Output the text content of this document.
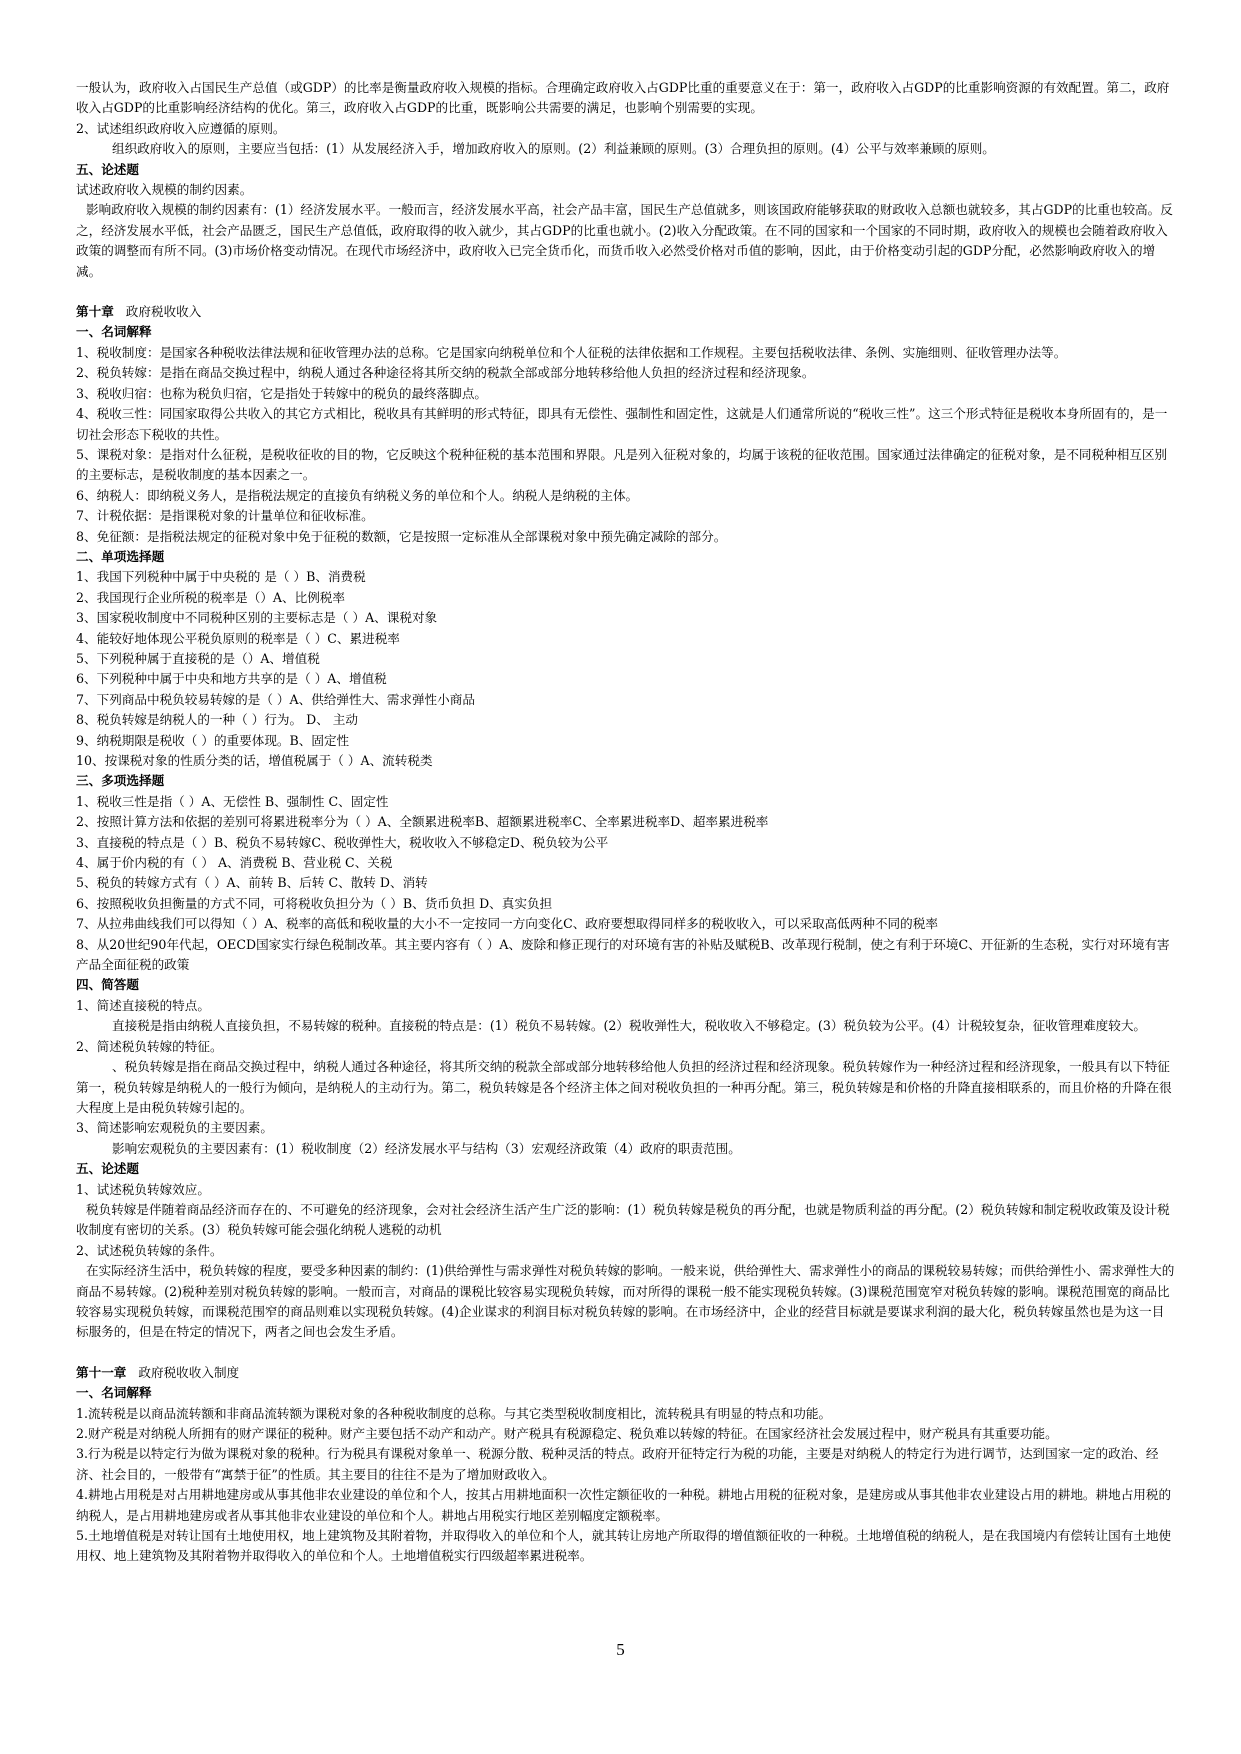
一般认为，政府收入占国民生产总值（或GDP）的比率是衡量政府收入规模的指标。合理确定政府收入占GDP比重的重要意义在于：第一，政府收入占GDP的比重影响资源的有效配置。第二，政府收入占GDP的比重影响经济结构的优化。第三，政府收入占GDP的比重，既影响公共需要的满足，也影响个别需要的实现。

2、试述组织政府收入应遵循的原则。

组织政府收入的原则，主要应当包括：(1）从发展经济入手，增加政府收入的原则。(2）利益兼顾的原则。(3）合理负担的原则。(4）公平与效率兼顾的原则。

五、论述题

试述政府收入规模的制约因素。

影响政府收入规模的制约因素有：(1）经济发展水平。一般而言，经济发展水平高，社会产品丰富，国民生产总值就多，则该国政府能够获取的财政收入总额也就较多，其占GDP的比重也较高。反之，经济发展水平低，社会产品匮乏，国民生产总值低，政府取得的收入就少，其占GDP的比重也就小。(2)收入分配政策。在不同的国家和一个国家的不同时期，政府收入的规模也会随着政府收入政策的调整而有所不同。(3)市场价格变动情况。在现代市场经济中，政府收入已完全货币化，而货币收入必然受价格对币值的影响，因此，由于价格变动引起的GDP分配，必然影响政府收入的增减。

第十章 政府税收收入

一、名词解释

1、税收制度：是国家各种税收法律法规和征收管理办法的总称。它是国家向纳税单位和个人征税的法律依据和工作规程。主要包括税收法律、条例、实施细则、征收管理办法等。

2、税负转嫁：是指在商品交换过程中，纳税人通过各种途径将其所交纳的税款全部或部分地转移给他人负担的经济过程和经济现象。

3、税收归宿：也称为税负归宿，它是指处于转嫁中的税负的最终落脚点。

4、税收三性：同国家取得公共收入的其它方式相比，税收具有其鲜明的形式特征，即具有无偿性、强制性和固定性，这就是人们通常所说的“税收三性”。这三个形式特征是税收本身所固有的，是一切社会形态下税收的共性。

5、课税对象：是指对什么征税，是税收征收的目的物，它反映这个税种征税的基本范围和界限。凡是列入征税对象的，均属于该税的征收范围。国家通过法律确定的征税对象，是不同税种相互区别的主要标志，是税收制度的基本因素之一。

6、纳税人：即纳税义务人，是指税法规定的直接负有纳税义务的单位和个人。纳税人是纳税的主体。

7、计税依据：是指课税对象的计量单位和征收标准。

8、免征额：是指税法规定的征税对象中免于征税的数额，它是按照一定标准从全部课税对象中预先确定减除的部分。

二、单项选择题

1、我国下列税种中属于中央税的 是（ ）B、消费税

2、我国现行企业所税的税率是（）A、比例税率

3、国家税收制度中不同税种区别的主要标志是（ ）A、课税对象

4、能较好地体现公平税负原则的税率是（ ）C、累进税率

5、下列税种属于直接税的是（）A、增值税

6、下列税种中属于中央和地方共享的是（ ）A、增值税

7、下列商品中税负较易转嫁的是（ ）A、供给弹性大、需求弹性小商品

8、税负转嫁是纳税人的一种（ ）行为。 D、 主动

9、纳税期限是税收（ ）的重要体现。B、固定性

10、按课税对象的性质分类的话，增值税属于（ ）A、流转税类

三、多项选择题

1、税收三性是指（ ）A、无偿性 B、强制性 C、固定性

2、按照计算方法和依据的差别可将累进税率分为（ ）A、全额累进税率B、超额累进税率C、全率累进税率D、超率累进税率

3、直接税的特点是（ ）B、税负不易转嫁C、税收弹性大，税收收入不够稳定D、税负较为公平

4、属于价内税的有（ ） A、消费税 B、营业税 C、关税

5、税负的转嫁方式有（ ）A、前转 B、后转 C、散转 D、消转

6、按照税收负担衡量的方式不同，可将税收负担分为（ ）B、货币负担 D、真实负担

7、从拉弗曲线我们可以得知（ ）A、税率的高低和税收量的大小不一定按同一方向变化C、政府要想取得同样多的税收收入，可以采取高低两种不同的税率

8、从20世纪90年代起，OECD国家实行绿色税制改革。其主要内容有（ ）A、废除和修正现行的对环境有害的补贴及赋税B、改革现行税制，使之有利于环境C、开征新的生态税，实行对环境有害产品全面征税的政策

四、简答题

1、简述直接税的特点。

直接税是指由纳税人直接负担，不易转嫁的税种。直接税的特点是：(1）税负不易转嫁。(2）税收弹性大，税收收入不够稳定。(3）税负较为公平。(4）计税较复杂，征收管理难度较大。

2、简述税负转嫁的特征。

、税负转嫁是指在商品交换过程中，纳税人通过各种途径，将其所交纳的税款全部或部分地转移给他人负担的经济过程和经济现象。税负转嫁作为一种经济过程和经济现象，一般具有以下特征 第一，税负转嫁是纳税人的一般行为倾向，是纳税人的主动行为。第二，税负转嫁是各个经济主体之间对税收负担的一种再分配。第三，税负转嫁是和价格的升降直接相联系的，而且价格的升降在很大程度上是由税负转嫁引起的。

3、简述影响宏观税负的主要因素。

影响宏观税负的主要因素有：(1）税收制度（2）经济发展水平与结构（3）宏观经济政策（4）政府的职责范围。

五、论述题

1、试述税负转嫁效应。

税负转嫁是伴随着商品经济而存在的、不可避免的经济现象，会对社会经济生活产生广泛的影响：(1）税负转嫁是税负的再分配，也就是物质利益的再分配。(2）税负转嫁和制定税收政策及设计税收制度有密切的关系。(3）税负转嫁可能会强化纳税人逃税的动机

2、试述税负转嫁的条件。

在实际经济生活中，税负转嫁的程度，要受多种因素的制约：(1)供给弹性与需求弹性对税负转嫁的影响。一般来说，供给弹性大、需求弹性小的商品的课税较易转嫁；而供给弹性小、需求弹性大的商品不易转嫁。(2)税种差别对税负转嫁的影响。一般而言，对商品的课税比较容易实现税负转嫁，而对所得的课税一般不能实现税负转嫁。(3)课税范围宽窄对税负转嫁的影响。课税范围宽的商品比较容易实现税负转嫁，而课税范围窄的商品则难以实现税负转嫁。(4)企业谋求的利润目标对税负转嫁的影响。在市场经济中，企业的经营目标就是要谋求利润的最大化，税负转嫁虽然也是为这一目标服务的，但是在特定的情况下，两者之间也会发生矛盾。

第十一章 政府税收收入制度

一、名词解释

1.流转税是以商品流转额和非商品流转额为课税对象的各种税收制度的总称。与其它类型税收制度相比，流转税具有明显的特点和功能。

2.财产税是对纳税人所拥有的财产课征的税种。财产主要包括不动产和动产。财产税具有税源稳定、税负难以转嫁的特征。在国家经济社会发展过程中，财产税具有其重要功能。

3.行为税是以特定行为做为课税对象的税种。行为税具有课税对象单一、税源分散、税种灵活的特点。政府开征特定行为税的功能，主要是对纳税人的特定行为进行调节，达到国家一定的政治、经济、社会目的，一般带有“寓禁于征”的性质。其主要目的往往不是为了增加财政收入。

4.耕地占用税是对占用耕地建房或从事其他非农业建设的单位和个人，按其占用耕地面积一次性定额征收的一种税。耕地占用税的征税对象，是建房或从事其他非农业建设占用的耕地。耕地占用税的纳税人，是占用耕地建房或者从事其他非农业建设的单位和个人。耕地占用税实行地区差别幅度定额税率。

5.土地增值税是对转让国有土地使用权，地上建筑物及其附着物，并取得收入的单位和个人，就其转让房地产所取得的增值额征收的一种税。土地增值税的纳税人，是在我国境内有偿转让国有土地使用权、地上建筑物及其附着物并取得收入的单位和个人。土地增值税实行四级超率累进税率。

5
